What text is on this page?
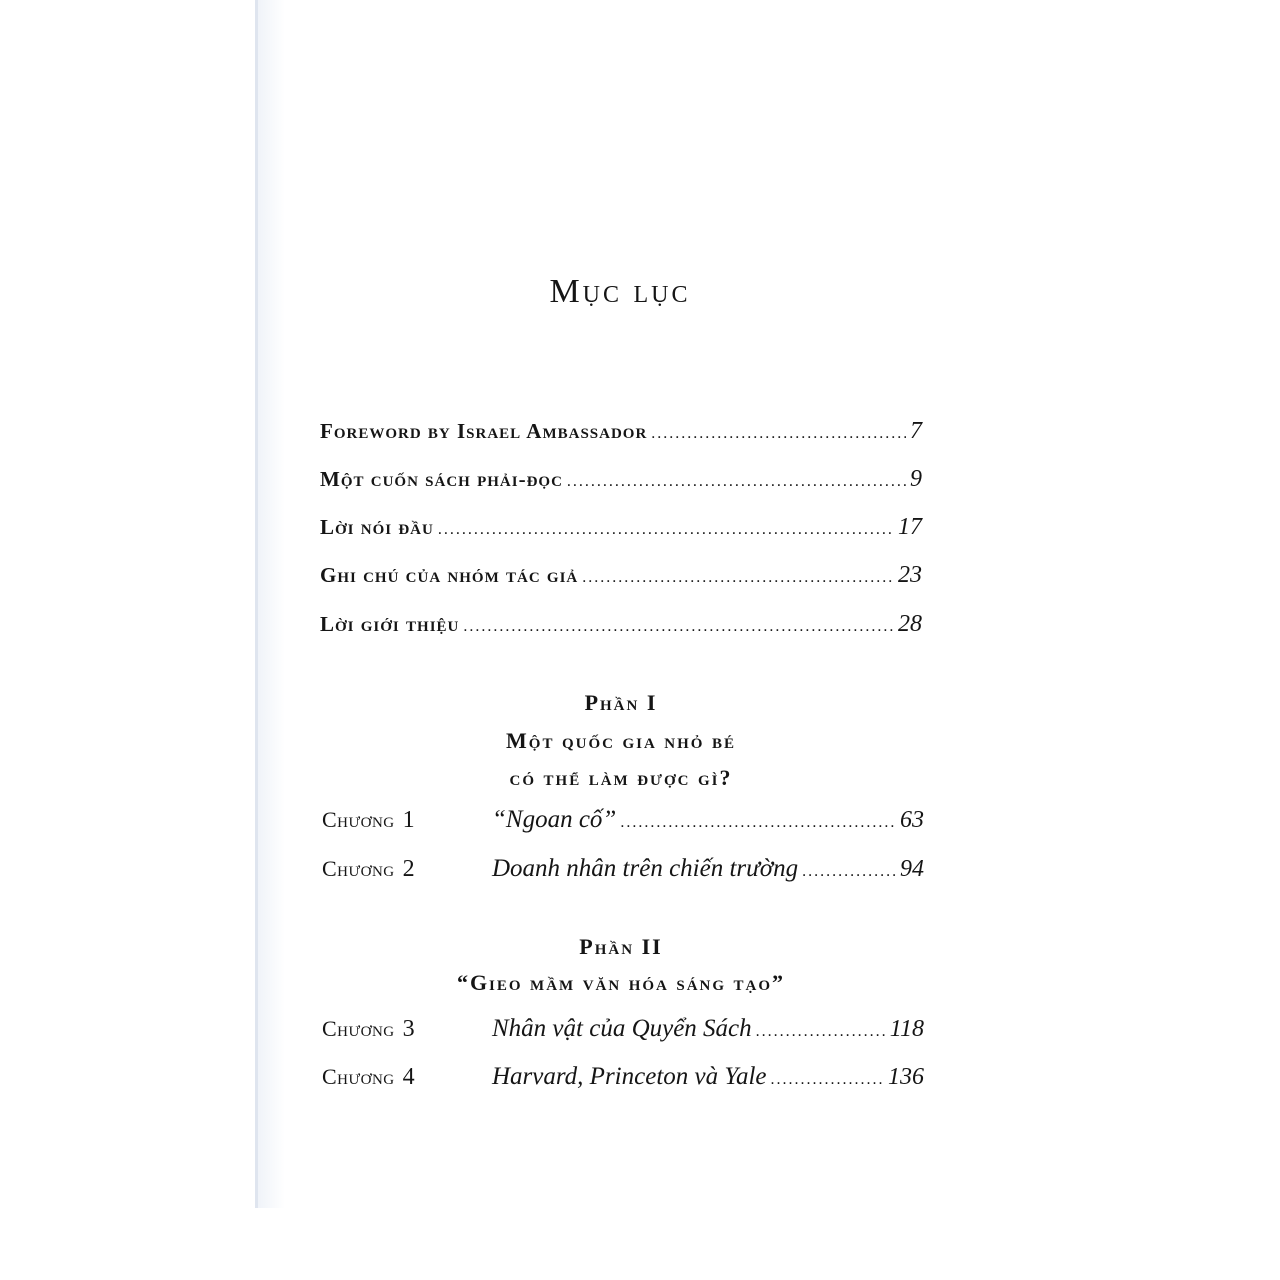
Mục lục
Foreword by Israel Ambassador .....	7
Một cuốn sách phải-đọc .....	9
Lời nói đầu .....	17
Ghi chú của nhóm tác giả .....	23
Lời giới thiệu .....	28
Phần I
Một quốc gia nhỏ bé
có thể làm được gì?
Chương 1	“Ngoan cố” .....	63
Chương 2	Doanh nhân trên chiến trường .....	94
Phần II
“Gieo mầm văn hóa sáng tạo”
Chương 3	Nhân vật của Quyển Sách .....	118
Chương 4	Harvard, Princeton và Yale .....	136
